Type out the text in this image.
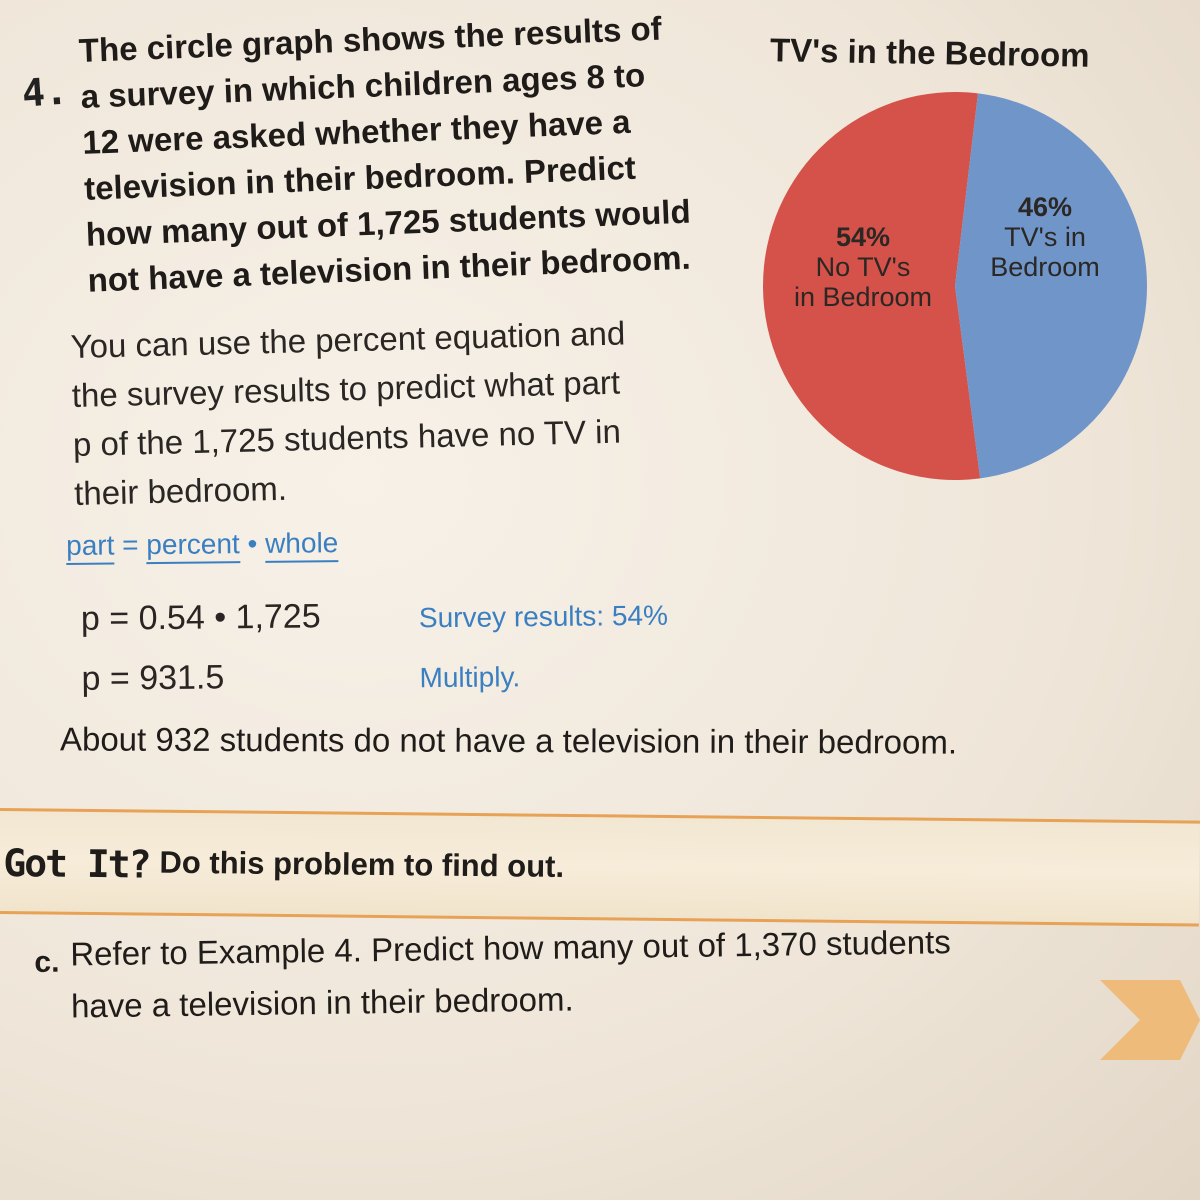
4.
The circle graph shows the results of
a survey in which children ages 8 to
12 were asked whether they have a
television in their bedroom. Predict
how many out of 1,725 students would
not have a television in their bedroom.
TV's in the Bedroom
54% No TV's in Bedroom
46% TV's in Bedroom
You can use the percent equation and
the survey results to predict what part
p of the 1,725 students have no TV in
their bedroom.
part = percent • whole
p = 0.54 • 1,725	Survey results: 54%
p = 931.5	Multiply.
About 932 students do not have a television in their bedroom.
Got It? Do this problem to find out.
c. Refer to Example 4. Predict how many out of 1,370 students
have a television in their bedroom.
